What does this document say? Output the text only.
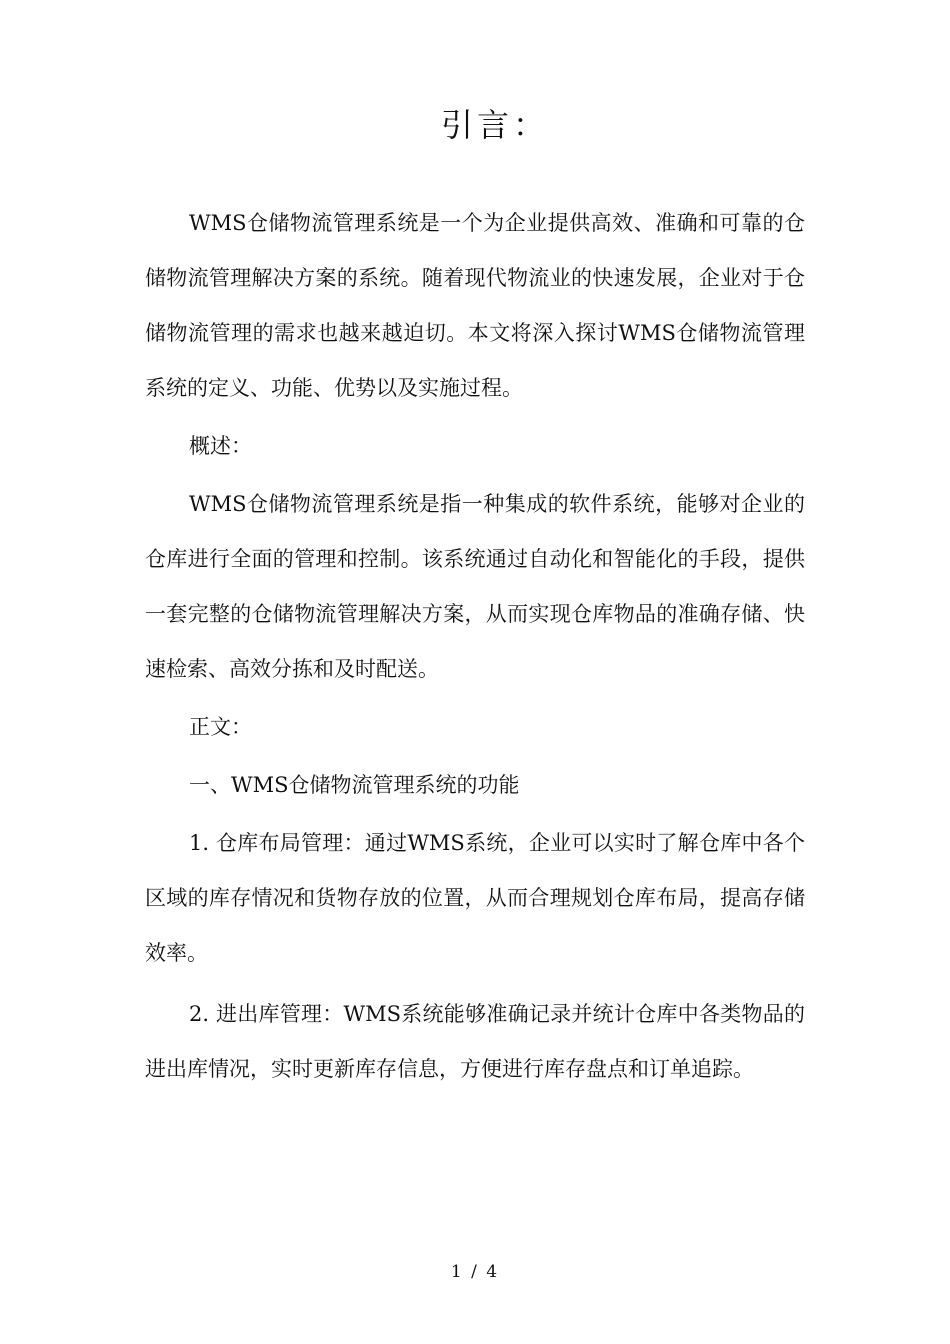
引言：

WMS仓储物流管理系统是一个为企业提供高效、准确和可靠的仓储物流管理解决方案的系统。随着现代物流业的快速发展，企业对于仓储物流管理的需求也越来越迫切。本文将深入探讨WMS仓储物流管理系统的定义、功能、优势以及实施过程。

概述：

WMS仓储物流管理系统是指一种集成的软件系统，能够对企业的仓库进行全面的管理和控制。该系统通过自动化和智能化的手段，提供一套完整的仓储物流管理解决方案，从而实现仓库物品的准确存储、快速检索、高效分拣和及时配送。

正文：

一、WMS仓储物流管理系统的功能

1. 仓库布局管理：通过WMS系统，企业可以实时了解仓库中各个区域的库存情况和货物存放的位置，从而合理规划仓库布局，提高存储效率。

2. 进出库管理：WMS系统能够准确记录并统计仓库中各类物品的进出库情况，实时更新库存信息，方便进行库存盘点和订单追踪。

1 / 4
